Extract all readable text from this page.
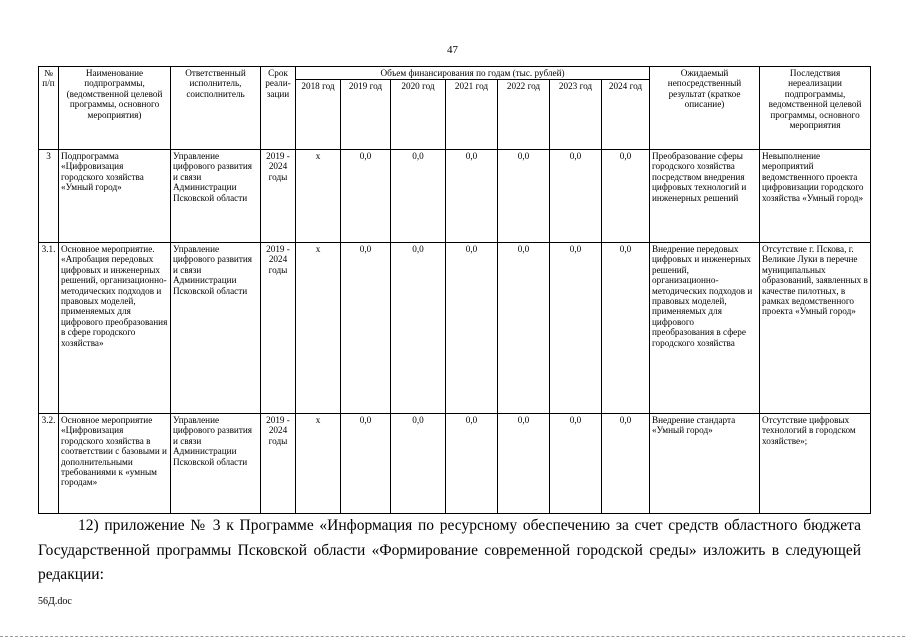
47
№ п/п	Наименование подпрограммы, (ведомственной целевой программы, основного мероприятия)	Ответственный исполнитель, соисполнитель	Срок реали-зации	Объем финансирования по годам (тыс. рублей)							Ожидаемый непосредственный результат (краткое описание)	Последствия нереализации подпрограммы, ведомственной целевой программы, основного мероприятия
				2018 год	2019 год	2020 год	2021 год	2022 год	2023 год	2024 год		
3	Подпрограмма «Цифровизация городского хозяйства «Умный город»	Управление цифрового развития и связи Администрации Псковской области	2019 - 2024 годы	x	0,0	0,0	0,0	0,0	0,0	0,0	Преобразование сферы городского хозяйства посредством внедрения цифровых технологий и инженерных решений	Невыполнение мероприятий ведомственного проекта цифровизации городского хозяйства «Умный город»
3.1.	Основное мероприятие. «Апробация передовых цифровых и инженерных решений, организационно-методических подходов и правовых моделей, применяемых для цифрового преобразования в сфере городского хозяйства»	Управление цифрового развития и связи Администрации Псковской области	2019 - 2024 годы	x	0,0	0,0	0,0	0,0	0,0	0,0	Внедрение передовых цифровых и инженерных решений, организационно-методических подходов и правовых моделей, применяемых для цифрового преобразования в сфере городского хозяйства	Отсутствие г. Пскова, г. Великие Луки в перечне муниципальных образований, заявленных в качестве пилотных, в рамках ведомственного проекта «Умный город»
3.2.	Основное мероприятие «Цифровизация городского хозяйства в соответствии с базовыми и дополнительными требованиями к «умным городам»	Управление цифрового развития и связи Администрации Псковской области	2019 - 2024 годы	x	0,0	0,0	0,0	0,0	0,0	0,0	Внедрение стандарта «Умный город»	Отсутствие цифровых технологий в городском хозяйстве»;
12) приложение № 3 к Программе «Информация по ресурсному обеспечению за счет средств областного бюджета Государственной программы Псковской области «Формирование современной городской среды» изложить в следующей редакции:
56Д.doc
